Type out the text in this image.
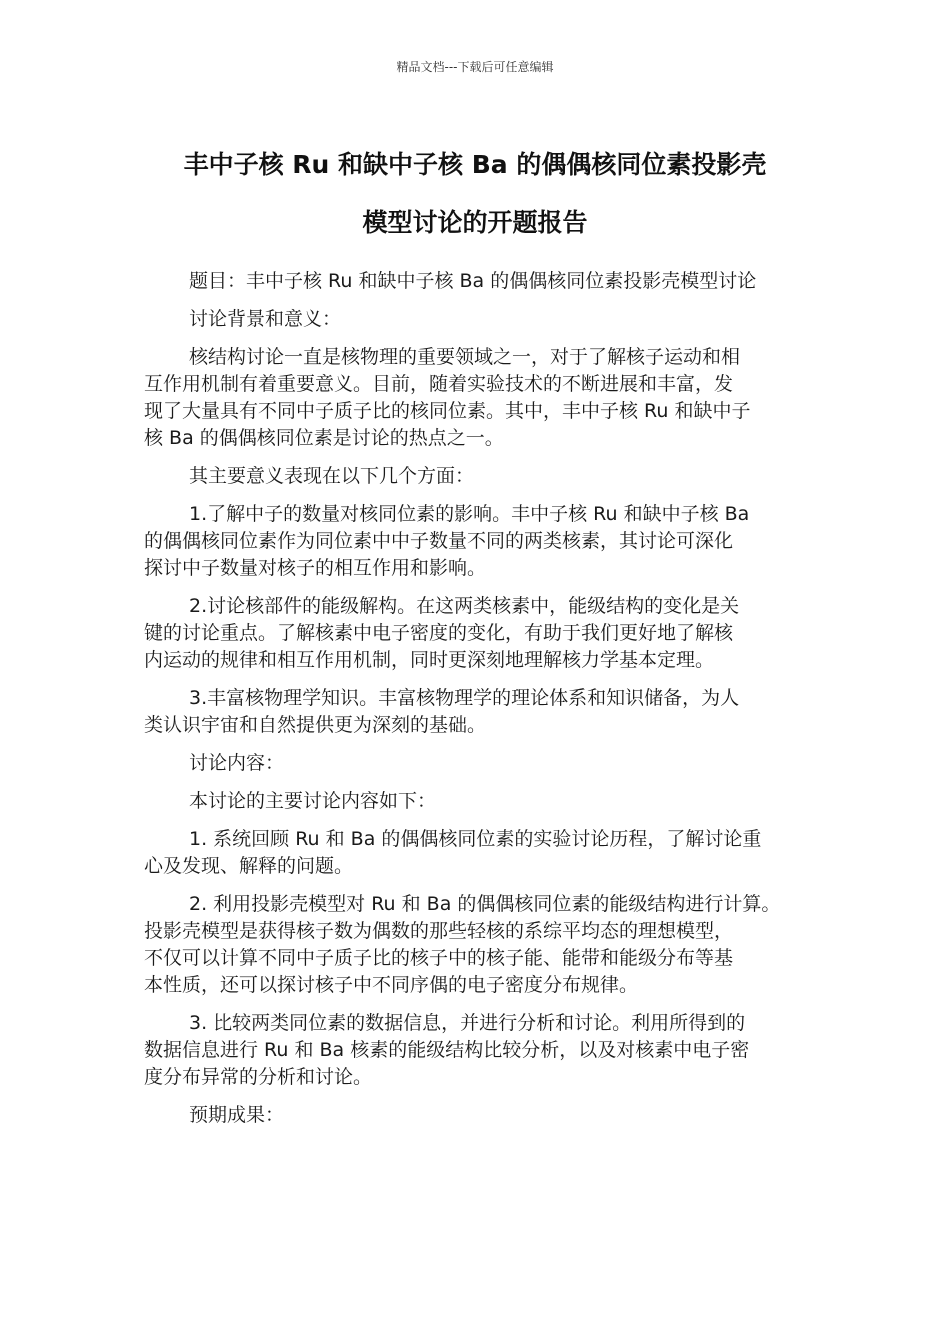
精品文档---下载后可任意编辑
丰中子核 Ru 和缺中子核 Ba 的偶偶核同位素投影壳
模型讨论的开题报告

题目：丰中子核 Ru 和缺中子核 Ba 的偶偶核同位素投影壳模型讨论

讨论背景和意义：

核结构讨论一直是核物理的重要领域之一，对于了解核子运动和相
互作用机制有着重要意义。目前，随着实验技术的不断进展和丰富，发
现了大量具有不同中子质子比的核同位素。其中，丰中子核 Ru 和缺中子
核 Ba 的偶偶核同位素是讨论的热点之一。

其主要意义表现在以下几个方面：

1.了解中子的数量对核同位素的影响。丰中子核 Ru 和缺中子核 Ba
的偶偶核同位素作为同位素中中子数量不同的两类核素，其讨论可深化
探讨中子数量对核子的相互作用和影响。

2.讨论核部件的能级解构。在这两类核素中，能级结构的变化是关
键的讨论重点。了解核素中电子密度的变化，有助于我们更好地了解核
内运动的规律和相互作用机制，同时更深刻地理解核力学基本定理。

3.丰富核物理学知识。丰富核物理学的理论体系和知识储备，为人
类认识宇宙和自然提供更为深刻的基础。

讨论内容：

本讨论的主要讨论内容如下：

1. 系统回顾 Ru 和 Ba 的偶偶核同位素的实验讨论历程，了解讨论重
心及发现、解释的问题。

2. 利用投影壳模型对 Ru 和 Ba 的偶偶核同位素的能级结构进行计算。
投影壳模型是获得核子数为偶数的那些轻核的系综平均态的理想模型，
不仅可以计算不同中子质子比的核子中的核子能、能带和能级分布等基
本性质，还可以探讨核子中不同序偶的电子密度分布规律。

3. 比较两类同位素的数据信息，并进行分析和讨论。利用所得到的
数据信息进行 Ru 和 Ba 核素的能级结构比较分析，以及对核素中电子密
度分布异常的分析和讨论。

预期成果：
